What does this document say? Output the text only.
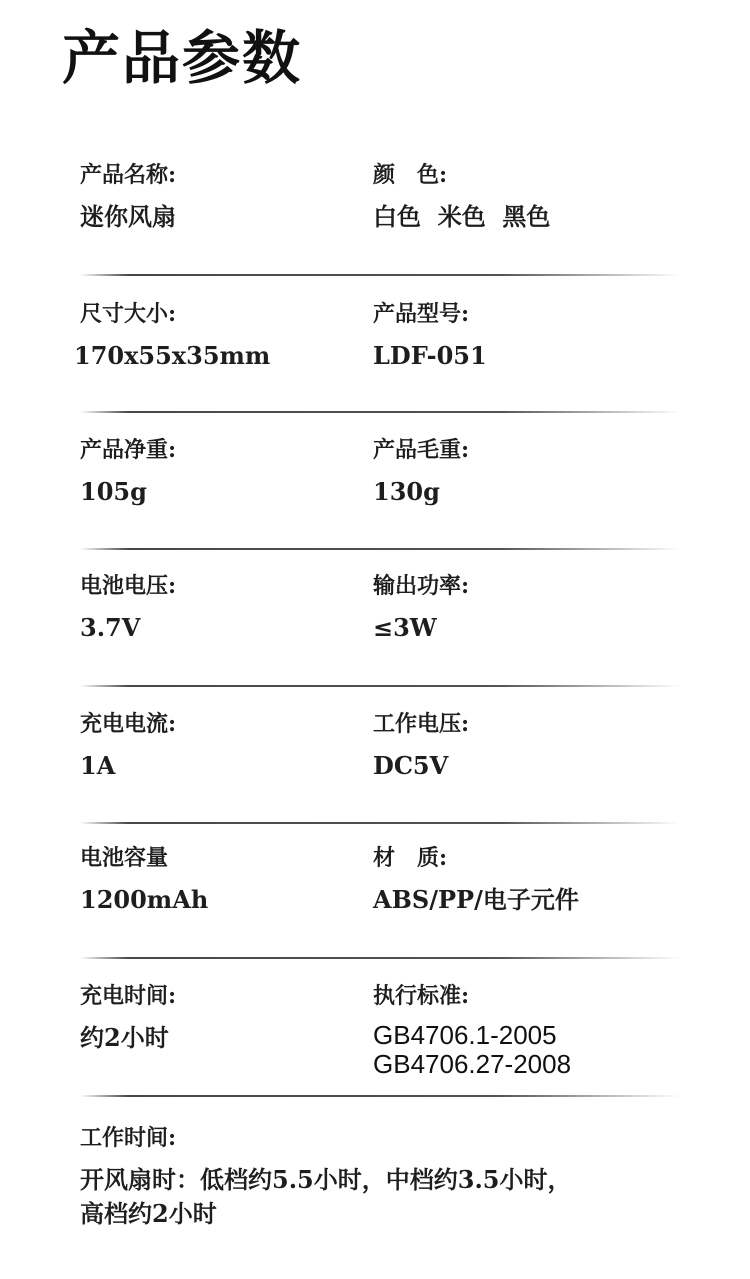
产品参数
产品名称:
迷你风扇
颜　色:
白色  米色  黑色
尺寸大小:
170x55x35mm
产品型号:
LDF-051
产品净重:
105g
产品毛重:
130g
电池电压:
3.7V
输出功率:
≤3W
充电电流:
1A
工作电压:
DC5V
电池容量
1200mAh
材　质:
ABS/PP/电子元件
充电时间:
约2小时
执行标准:
GB4706.1-2005
GB4706.27-2008
工作时间:
开风扇时：低档约5.5小时，中档约3.5小时，
高档约2小时
